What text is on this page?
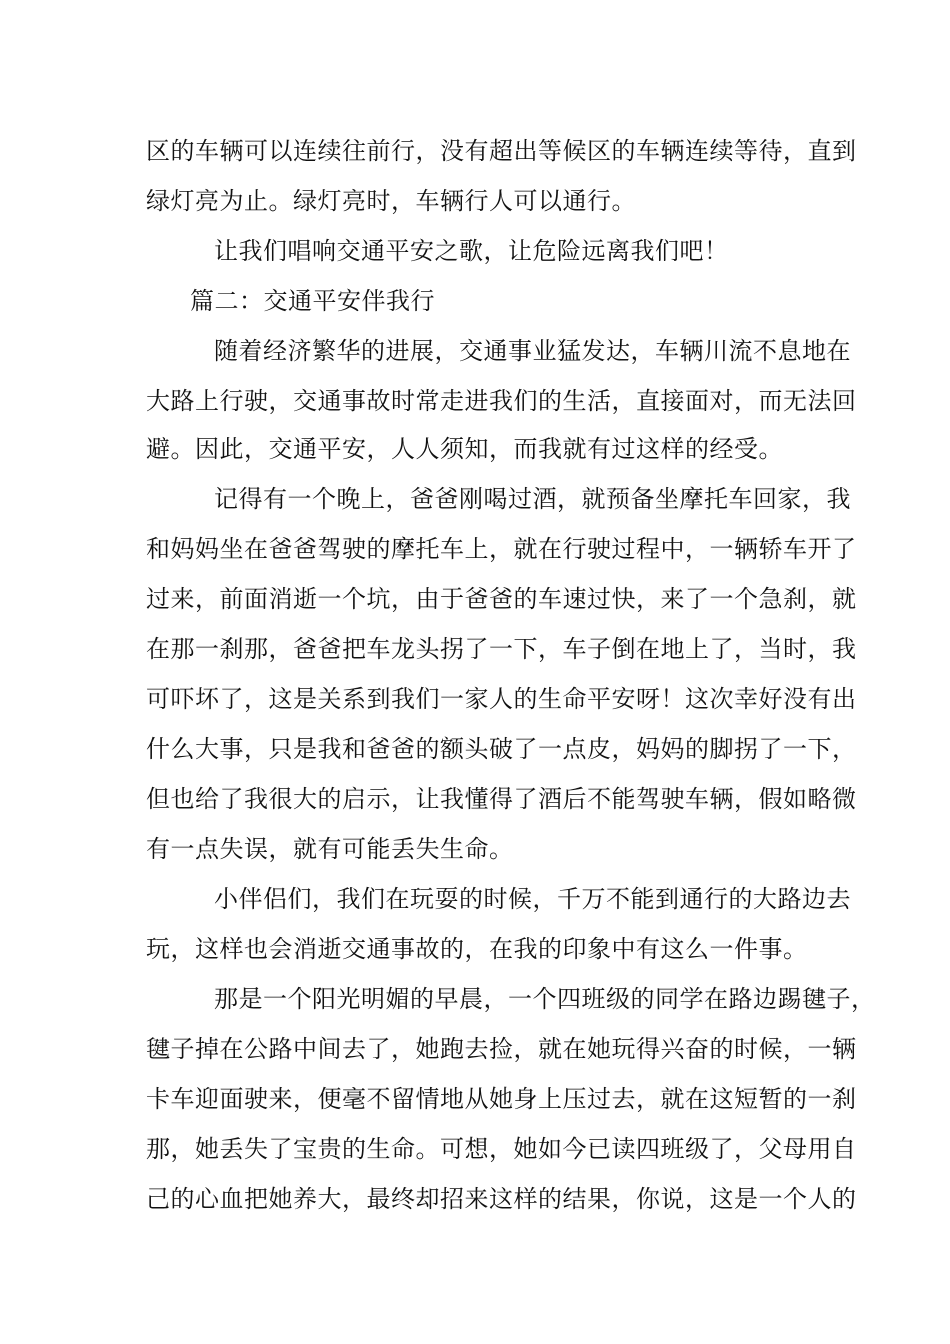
区的车辆可以连续往前行，没有超出等候区的车辆连续等待，直到
绿灯亮为止。绿灯亮时，车辆行人可以通行。
让我们唱响交通平安之歌，让危险远离我们吧！
篇二：交通平安伴我行
随着经济繁华的进展，交通事业猛发达，车辆川流不息地在
大路上行驶，交通事故时常走进我们的生活，直接面对，而无法回
避。因此，交通平安，人人须知，而我就有过这样的经受。
记得有一个晚上，爸爸刚喝过酒，就预备坐摩托车回家，我
和妈妈坐在爸爸驾驶的摩托车上，就在行驶过程中，一辆轿车开了
过来，前面消逝一个坑，由于爸爸的车速过快，来了一个急刹，就
在那一刹那，爸爸把车龙头拐了一下，车子倒在地上了，当时，我
可吓坏了，这是关系到我们一家人的生命平安呀！这次幸好没有出
什么大事，只是我和爸爸的额头破了一点皮，妈妈的脚拐了一下，
但也给了我很大的启示，让我懂得了酒后不能驾驶车辆，假如略微
有一点失误，就有可能丢失生命。
小伴侣们，我们在玩耍的时候，千万不能到通行的大路边去
玩，这样也会消逝交通事故的，在我的印象中有这么一件事。
那是一个阳光明媚的早晨，一个四班级的同学在路边踢毽子，
毽子掉在公路中间去了，她跑去捡，就在她玩得兴奋的时候，一辆
卡车迎面驶来，便毫不留情地从她身上压过去，就在这短暂的一刹
那，她丢失了宝贵的生命。可想，她如今已读四班级了，父母用自
己的心血把她养大，最终却招来这样的结果，你说，这是一个人的
